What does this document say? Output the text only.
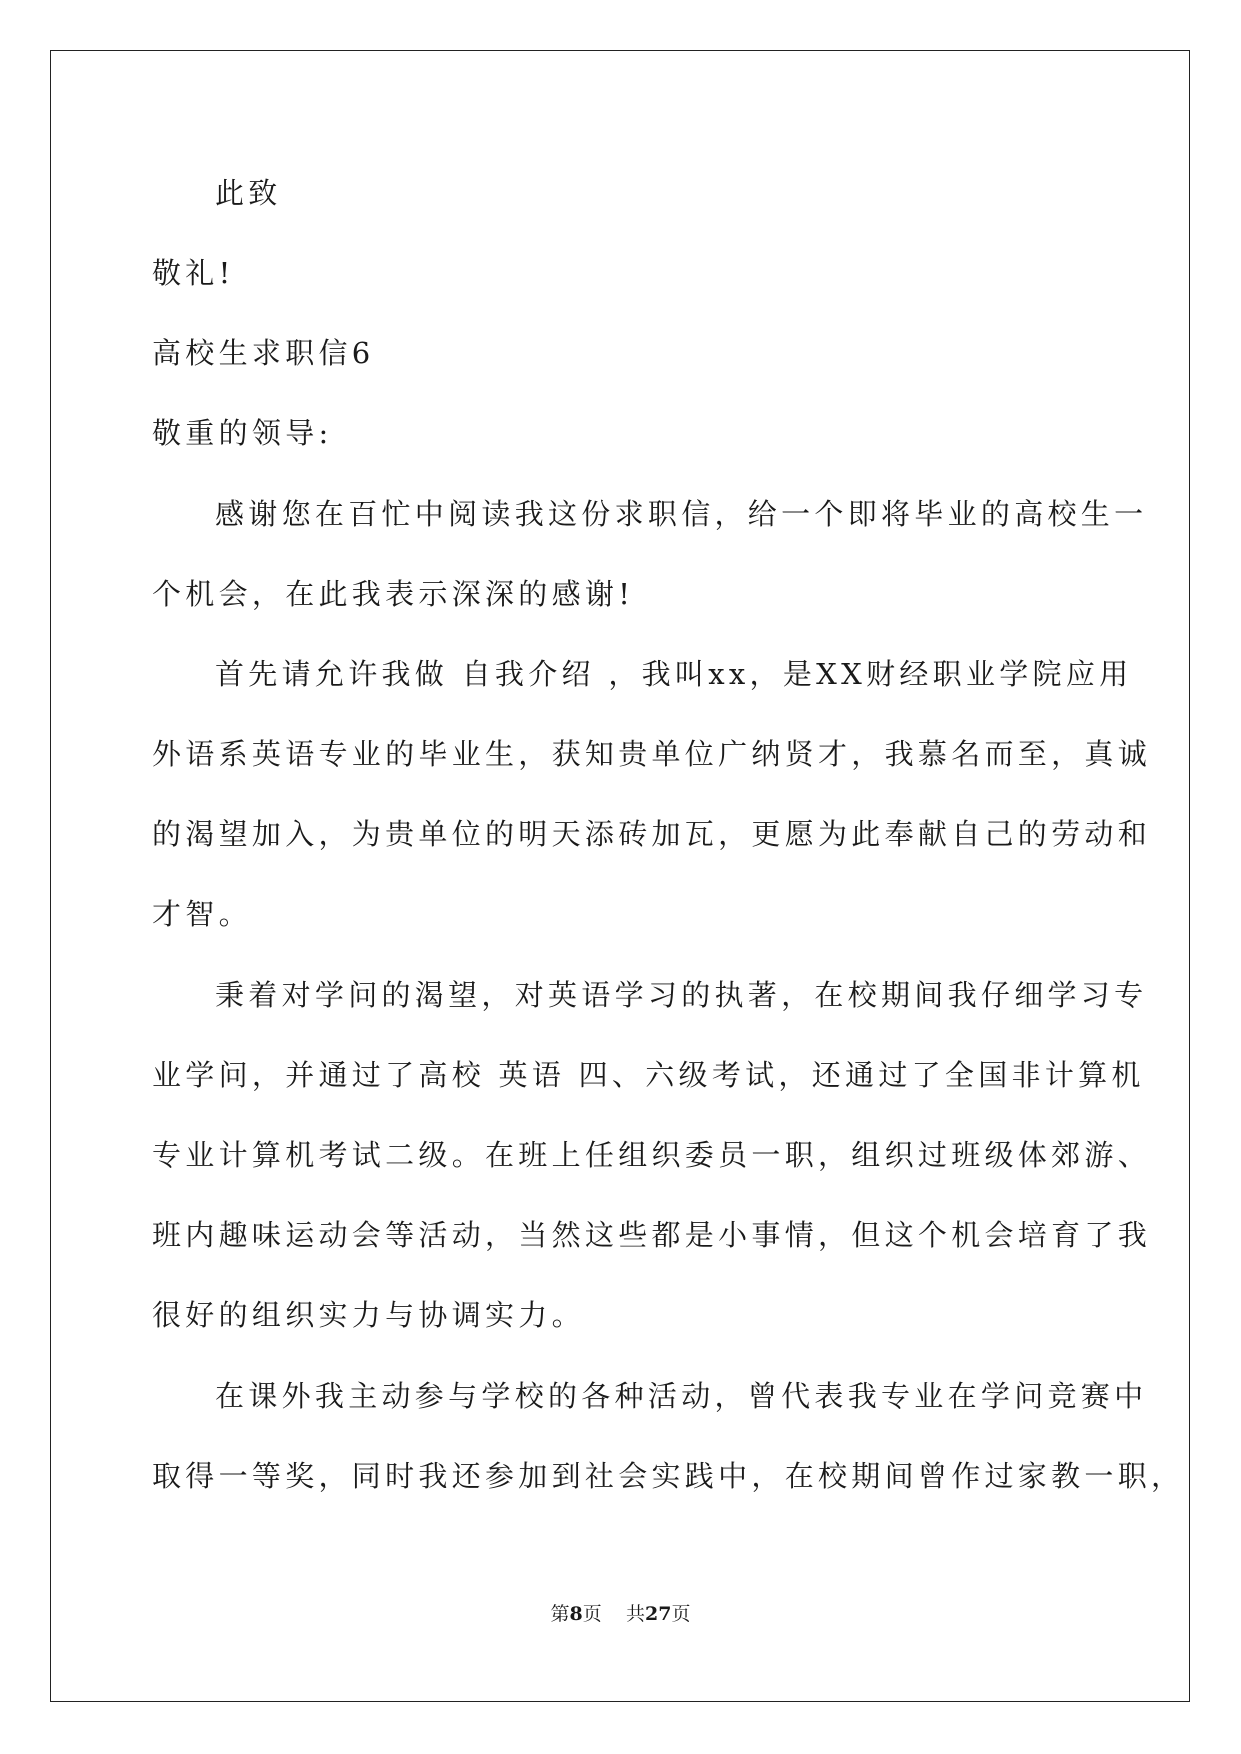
此致

敬礼!

高校生求职信6

敬重的领导:

感谢您在百忙中阅读我这份求职信，给一个即将毕业的高校生一

个机会，在此我表示深深的感谢!

首先请允许我做 自我介绍 ，我叫xx，是XX财经职业学院应用

外语系英语专业的毕业生，获知贵单位广纳贤才，我慕名而至，真诚

的渴望加入，为贵单位的明天添砖加瓦，更愿为此奉献自己的劳动和

才智。

秉着对学问的渴望，对英语学习的执著，在校期间我仔细学习专

业学问，并通过了高校 英语 四、六级考试，还通过了全国非计算机

专业计算机考试二级。在班上任组织委员一职，组织过班级体郊游、

班内趣味运动会等活动，当然这些都是小事情，但这个机会培育了我

很好的组织实力与协调实力。

在课外我主动参与学校的各种活动，曾代表我专业在学问竞赛中

取得一等奖，同时我还参加到社会实践中，在校期间曾作过家教一职，

第8页 共27页
